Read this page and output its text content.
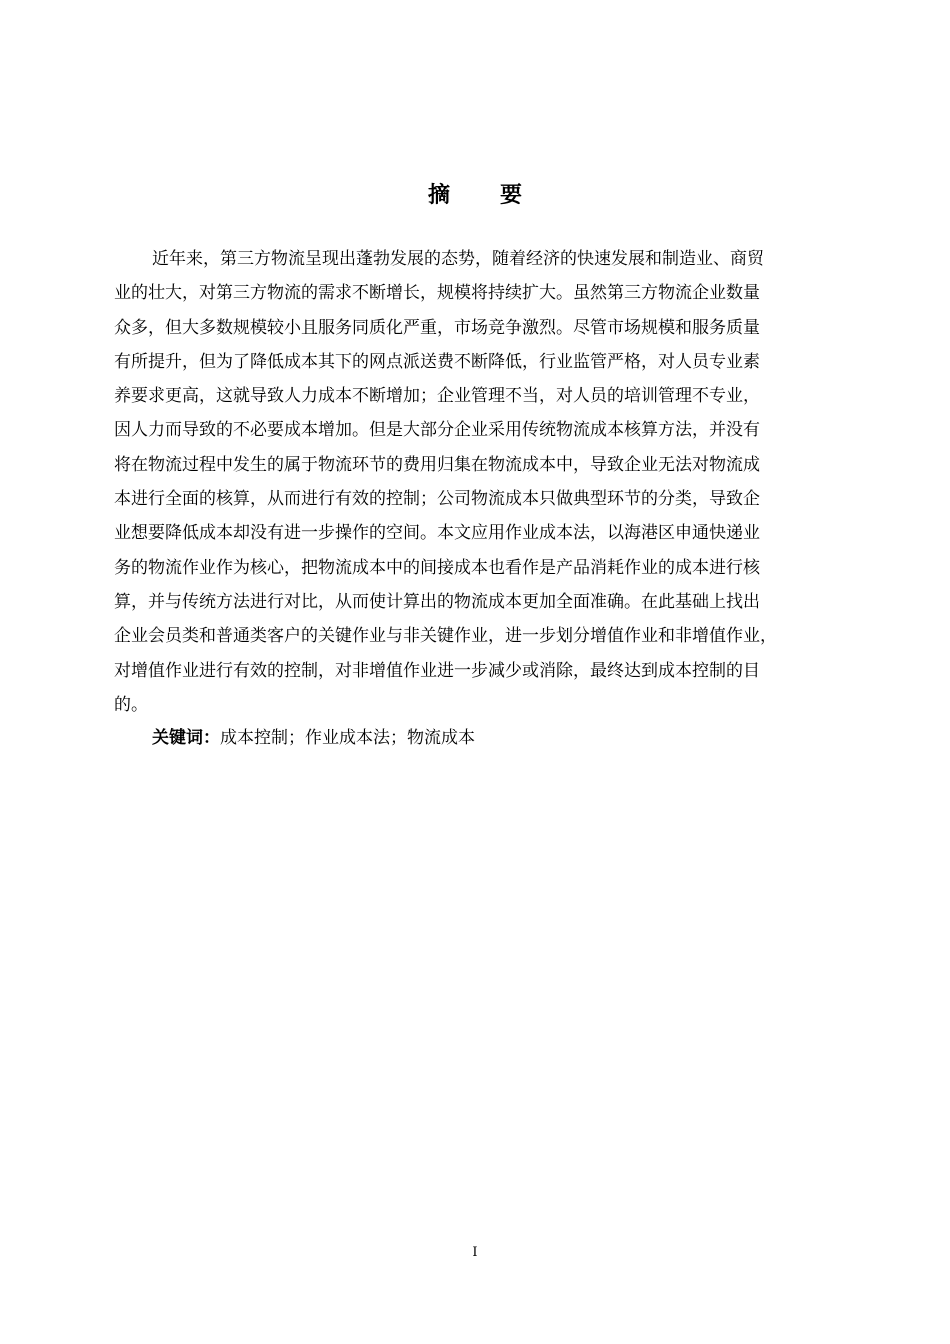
摘 要
近年来，第三方物流呈现出蓬勃发展的态势，随着经济的快速发展和制造业、商贸
业的壮大，对第三方物流的需求不断增长，规模将持续扩大。虽然第三方物流企业数量
众多，但大多数规模较小且服务同质化严重，市场竞争激烈。尽管市场规模和服务质量
有所提升，但为了降低成本其下的网点派送费不断降低，行业监管严格，对人员专业素
养要求更高，这就导致人力成本不断增加；企业管理不当，对人员的培训管理不专业，
因人力而导致的不必要成本增加。但是大部分企业采用传统物流成本核算方法，并没有
将在物流过程中发生的属于物流环节的费用归集在物流成本中，导致企业无法对物流成
本进行全面的核算，从而进行有效的控制；公司物流成本只做典型环节的分类，导致企
业想要降低成本却没有进一步操作的空间。本文应用作业成本法，以海港区申通快递业
务的物流作业作为核心，把物流成本中的间接成本也看作是产品消耗作业的成本进行核
算，并与传统方法进行对比，从而使计算出的物流成本更加全面准确。在此基础上找出
企业会员类和普通类客户的关键作业与非关键作业，进一步划分增值作业和非增值作业，
对增值作业进行有效的控制，对非增值作业进一步减少或消除，最终达到成本控制的目
的。
关键词：成本控制；作业成本法；物流成本
I
